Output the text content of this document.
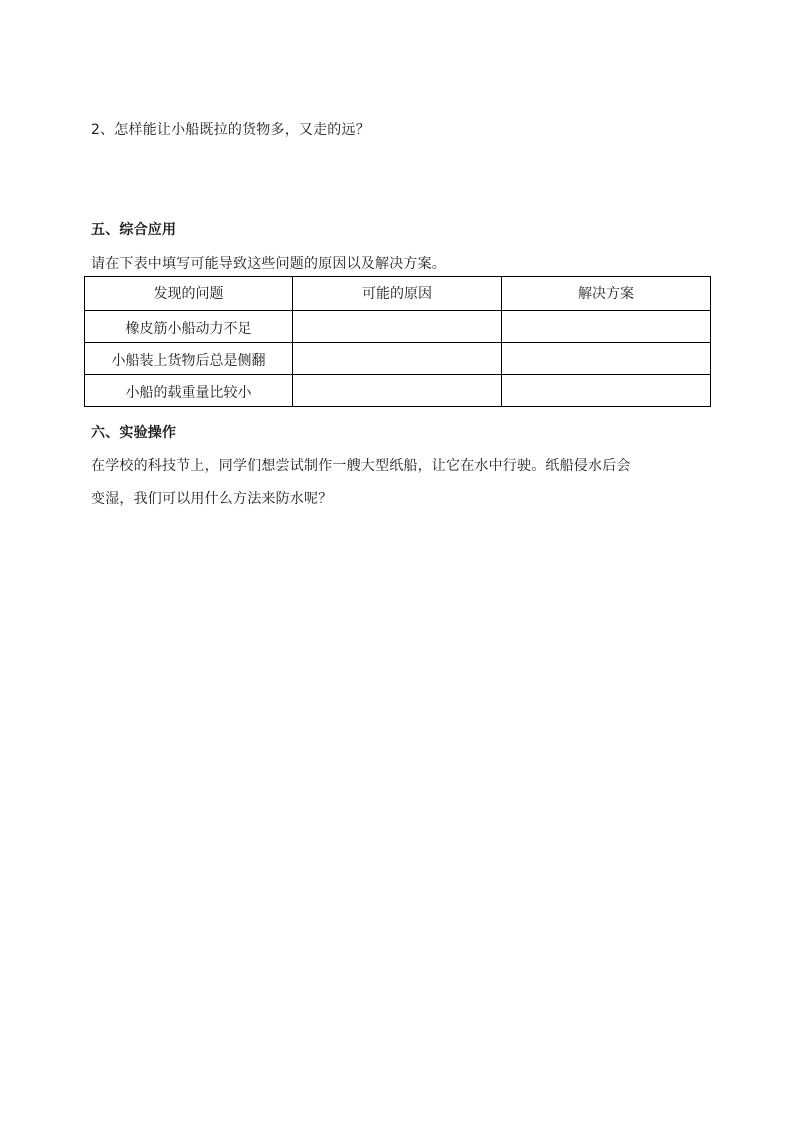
2、怎样能让小船既拉的货物多，又走的远？
五、综合应用
请在下表中填写可能导致这些问题的原因以及解决方案。
发现的问题	可能的原因	解决方案
橡皮筋小船动力不足		
小船装上货物后总是侧翻		
小船的载重量比较小		
六、实验操作
在学校的科技节上，同学们想尝试制作一艘大型纸船，让它在水中行驶。纸船侵水后会
变湿，我们可以用什么方法来防水呢？
